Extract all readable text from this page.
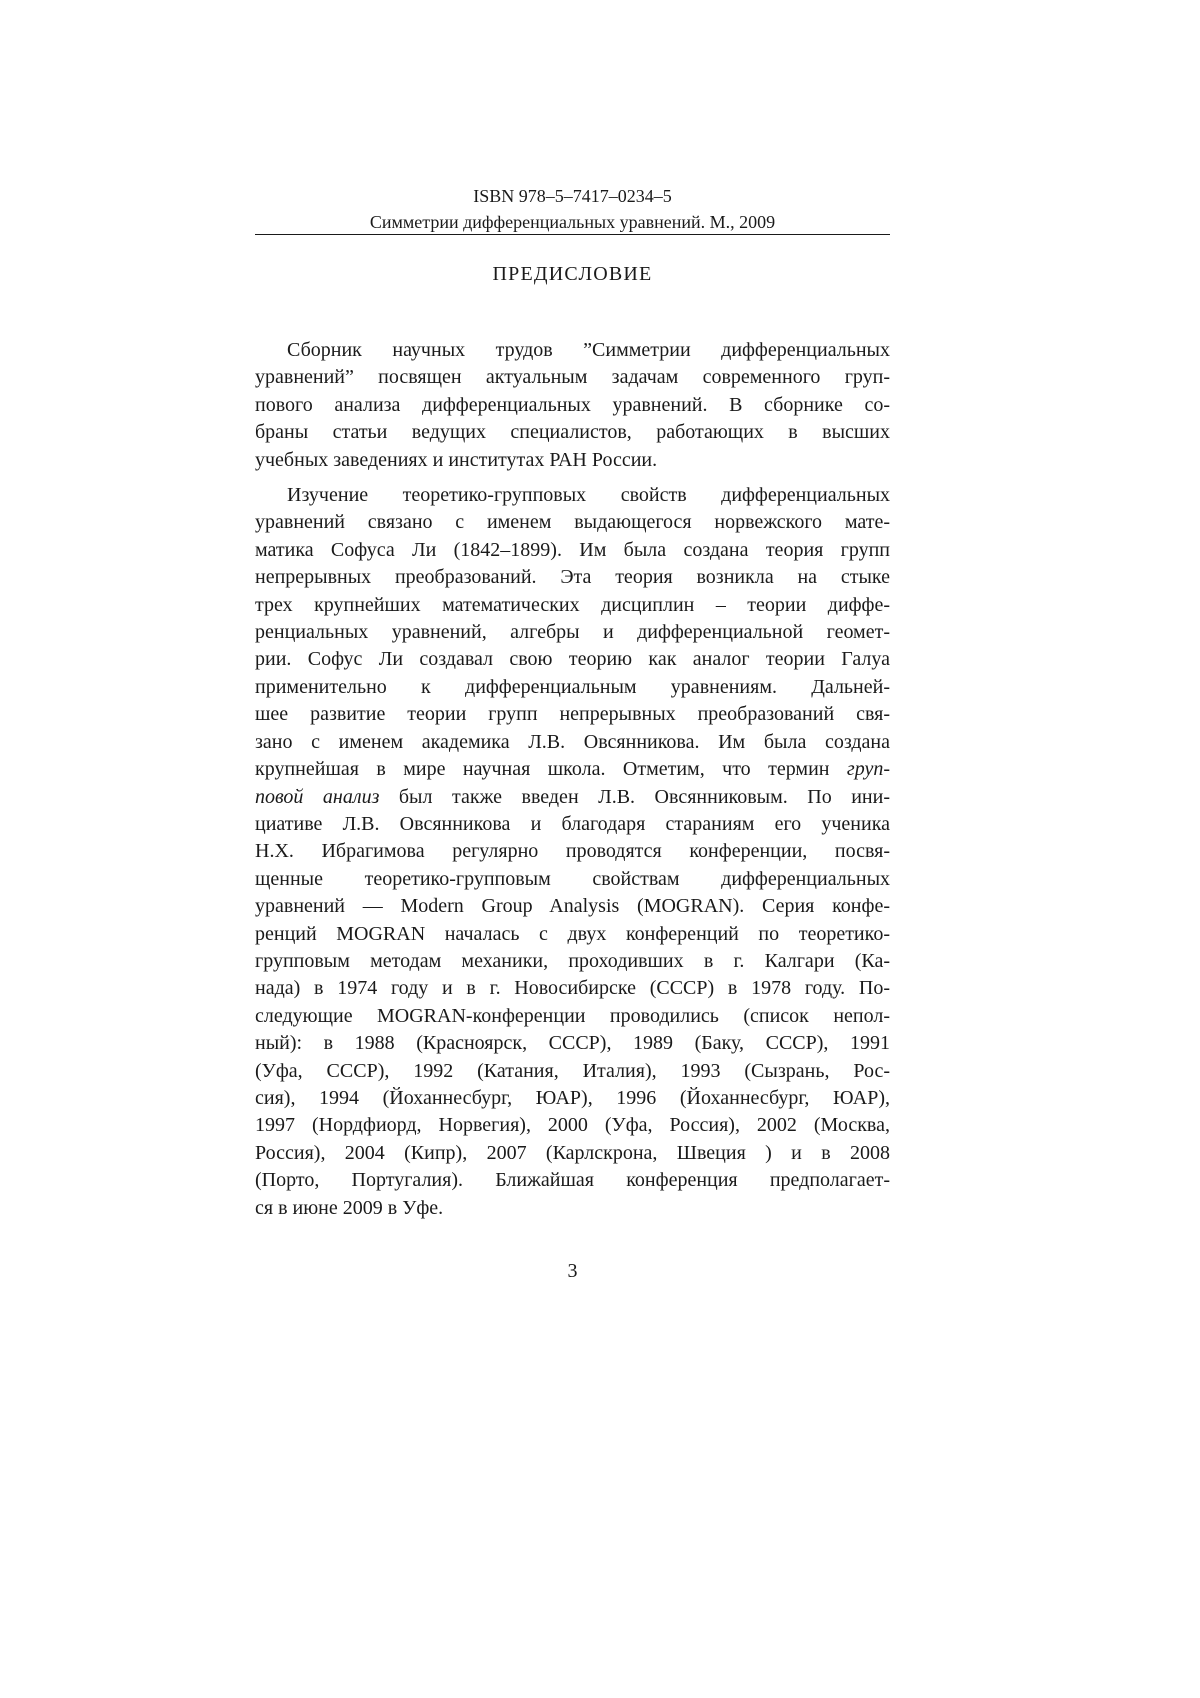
ISBN 978–5–7417–0234–5
Симметрии дифференциальных уравнений. М., 2009
ПРЕДИСЛОВИЕ
Сборник научных трудов ”Симметрии дифференциальных
уравнений” посвящен актуальным задачам современного груп-
пового анализа дифференциальных уравнений. В сборнике со-
браны статьи ведущих специалистов, работающих в высших
учебных заведениях и институтах РАН России.
Изучение теоретико-групповых свойств дифференциальных
уравнений связано с именем выдающегося норвежского мате-
матика Софуса Ли (1842–1899). Им была создана теория групп
непрерывных преобразований. Эта теория возникла на стыке
трех крупнейших математических дисциплин – теории диффе-
ренциальных уравнений, алгебры и дифференциальной геомет-
рии. Софус Ли создавал свою теорию как аналог теории Галуа
применительно к дифференциальным уравнениям. Дальней-
шее развитие теории групп непрерывных преобразований свя-
зано с именем академика Л.В. Овсянникова. Им была создана
крупнейшая в мире научная школа. Отметим, что термин груп-
повой анализ был также введен Л.В. Овсянниковым. По ини-
циативе Л.В. Овсянникова и благодаря стараниям его ученика
Н.Х. Ибрагимова регулярно проводятся конференции, посвя-
щенные теоретико-групповым свойствам дифференциальных
уравнений — Modern Group Analysis (MOGRAN). Серия конфе-
ренций MOGRAN началась с двух конференций по теоретико-
групповым методам механики, проходивших в г. Калгари (Ка-
нада) в 1974 году и в г. Новосибирске (СССР) в 1978 году. По-
следующие MOGRAN-конференции проводились (список непол-
ный): в 1988 (Красноярск, СССР), 1989 (Баку, СССР), 1991
(Уфа, СССР), 1992 (Катания, Италия), 1993 (Сызрань, Рос-
сия), 1994 (Йоханнесбург, ЮАР), 1996 (Йоханнесбург, ЮАР),
1997 (Нордфиорд, Норвегия), 2000 (Уфа, Россия), 2002 (Москва,
Россия), 2004 (Кипр), 2007 (Карлскрона, Швеция ) и в 2008
(Порто, Португалия). Ближайшая конференция предполагает-
ся в июне 2009 в Уфе.
3
